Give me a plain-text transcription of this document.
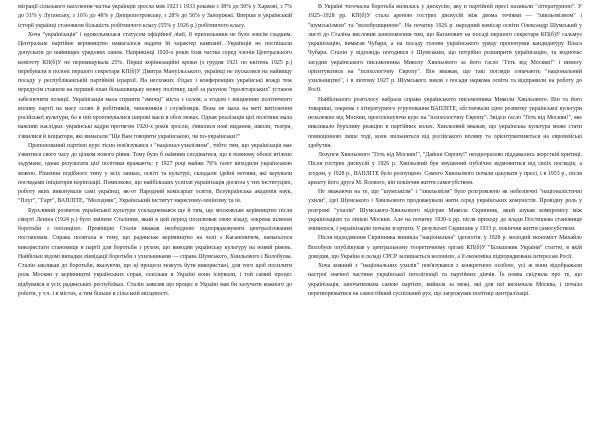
міграції сільського населення частка українців зросла між 1923 і 1933 роками з 38% до 50% у Харкові, з 7% до 31% у Луганську, з 16% до 48% у Дніпропетровську, з 28% до 56% у Запоріжжі. Вперше в українській історії українці становили більшість робітничого класу (55% у 1926 р.) робітничого класу.

Хоча "українізація" і вдовольнялася статусом офіційної лінії, її прихильники не було зовсім гладким. Центральне партійне керівництво намагалося надати їй характер кампанії. Українців не поспішали допускати до найвищих урядових ланок. Наприкінці 1920-х років їхня частка серед членів Центрального комітету КП(б)У не перевищувала 25%. Перші корінизаційні кроки (з грудня 1921 по квітень 1925 р.) перебували в полоні першого секретаря КП(б)У Дмитра Мануїльського, українці не пускалися на найвищу посаду у республіканській партійній ієрархії. На несхожих з'їздах і конференціях українські вожді теж передусім ставили на перший план більшовицьку мовну політику, щоб за рахунок "пролетарських" установ забезпечити позиції. Українізація мала сприяти "змичці" міста з селом, а згодом і зміцненню політичного впливу партії на масу селян й робітників, чиновників і службовців. Вона не мала на меті витіснення російської культури, бо в ній пропонувалися широкі маси в обох мовах. Однак реалізація цієї політики мала важливі наслідки: українські кадри протягом 1920-х років зросли, з'явилися нові видання, школи, театри, з'явилися й ініціатори, які вимагали "Ще Вам говорити українською, чи по-українськи?"

Пропонований партією курс тісно пов'язувався з "націонал-ухилізмом", тобто тим, що українізація має з'явитися свого часу до цілком нового рівня. Тому було б наївним сподіватися, що в повному обсязі втілено задумане, однак результати цієї політики вражають: у 1927 році майже 70% газет виходили українською мовою. Рішення подібного типу у всіх ланках, освіті та культурі, складали ідейні мотиви, які керували поглядами ініціаторів корінізації. Помилково, що найбільших успіхів українізація досягла у тих інституціях, роботу яких виконували самі українці, як-от Народний комісаріат освіти, Всеукраїнська академія наук, "Плуг", "Гарт", ВАПЛІТЕ, "Молодняк", Український інститут марксизму-ленінізму та ін.

Бурхливий розвиток української культури ускладнювався ще й тим, що московське керівництво після смерті Леніна (1924 р.) було змінене Сталіним, який в цей період посилював свою владу, зокрема шляхом боротьби з опозицією. Провінцію Сталін вважав необхідною підпорядковувати централізованим постановам. Справа полягала в тому, що радянське керівництво на чолі з Кагановичем, намагалося використати становище в партії для боротьби з рухом, що виводив українську культуру на новий рівень. Найбільш відомі випадки ліквідації боротьби з ухильниками — справа Шумського, Хвильового і Волобуєва. Сталін закликав до боротьби, вказуючи, що ці процеси можуть бути використані, для того щоб посилити роль Москви у керівництві українських справ, оскільки в Україні вони існували, і той самий процес відбувався в усіх радянських республіках. Сталін заявляв що процес в Україні мав би залучити кожного до роботи, у т.ч. і в містах, а тим більше в сільській місцевості.

В Україні тогочасна боротьба вилилась у дискусію, яку в партійній пресі називали "літературною". У 1925–1928 рр. КП(б)У стала ареною гострих дискусій між двома течіями — "хвильовізмом" і "шумськізмом" та "волобуєвщиною". На початку 1926 р. народний комісар освіти Олександр Шумський у листі до Сталіна висловив занепокоєння тим, що Каганович на посаді першого секретаря КП(б)У гальмує українізацію, вимагав Чубаря, а на посаду голови українського уряду пропонував кандидатуру Власа Чубаря. Сталін у відповідь погодився з Шумським, що потрібно розширити українізацію, та водночас засудив українського письменника Миколу Хвильового за його гасло "Геть від Москви!" і вимогу орієнтуватися на "психологічну Європу". Він вважав, що такі погляди означають "національний ухильництво", і в лютому 1927 р. Шумського зняли з посади наркома освіти та відправили на роботу до Росії.

Найбільшого розголосу набрала справа українського письменника Миколи Хвильового. Він та його товариші, зокрема з літературного угруповання ВАПЛІТЕ, обстоювали ідею розвитку української культури незалежно від Москви, проголошуючи курс на "психологічну Європу". Звідси гасло "Геть від Москви!", яке викликало бурхливу реакцію в партійних колах. Хвильовий вважав, що українська культура може стати повноцінною лише тоді, коли звільниться від російського впливу та орієнтуватиметься на європейські здобутки.

Лозунги Хвильового "Геть від Москви!", "Дайош Європу!" неодноразово піддавались жорсткій критиці. Після гострих дискусій у 1926 р. Хвильовий був змушений публічно відмовитися від своїх поглядів, а згодом, у 1928 р., ВАПЛІТЕ було розпущено. Самого Хвильового почали цькувати у пресі, і в 1933 р., після арешту його друга М. Ялового, він покінчив життя самогубством.

Не зважаючи на те, що "шумськізм" і "хвильовізм" було розгромлено як небезпечні "націоналістичні ухили", ідеї Шумського і Хвильового продовжували жити серед українських комуністів. Провідну роль у розгромі "ухилів" Шумського-Хвильового відіграв Микола Скрипник, який шукав компромісу між українізацією та лінією Москви. Але на початку 1930-х рр. після приходу до влади Постишева становище змінилося, і українізацію почали згортати. У результаті Скрипник у 1933 р. покінчив життя самогубством.

Після відходження Скрипника виникла "національна" ідеологія: у 1928 р. молодий економіст Михайло Волобуєв опублікував у центральному теоретичному органі КП(б)У "Більшовик України" статтю, в якій доводив, що Україна в складі СРСР залишається колонією, а її економіка підпорядкована інтересам Росії.

Хоча кожний з "національних ухилів" пов'язувався з конкретною особою, усі ж вони відображали настрої значної частини української інтелігенції та партійних діячів. Їх поява свідчила про те, що українізація, започаткована самою партією, вийшла за межі, які для неї визначала Москва, і почала перетворюватися на самостійний суспільний рух, що загрожував політиці централізації.
